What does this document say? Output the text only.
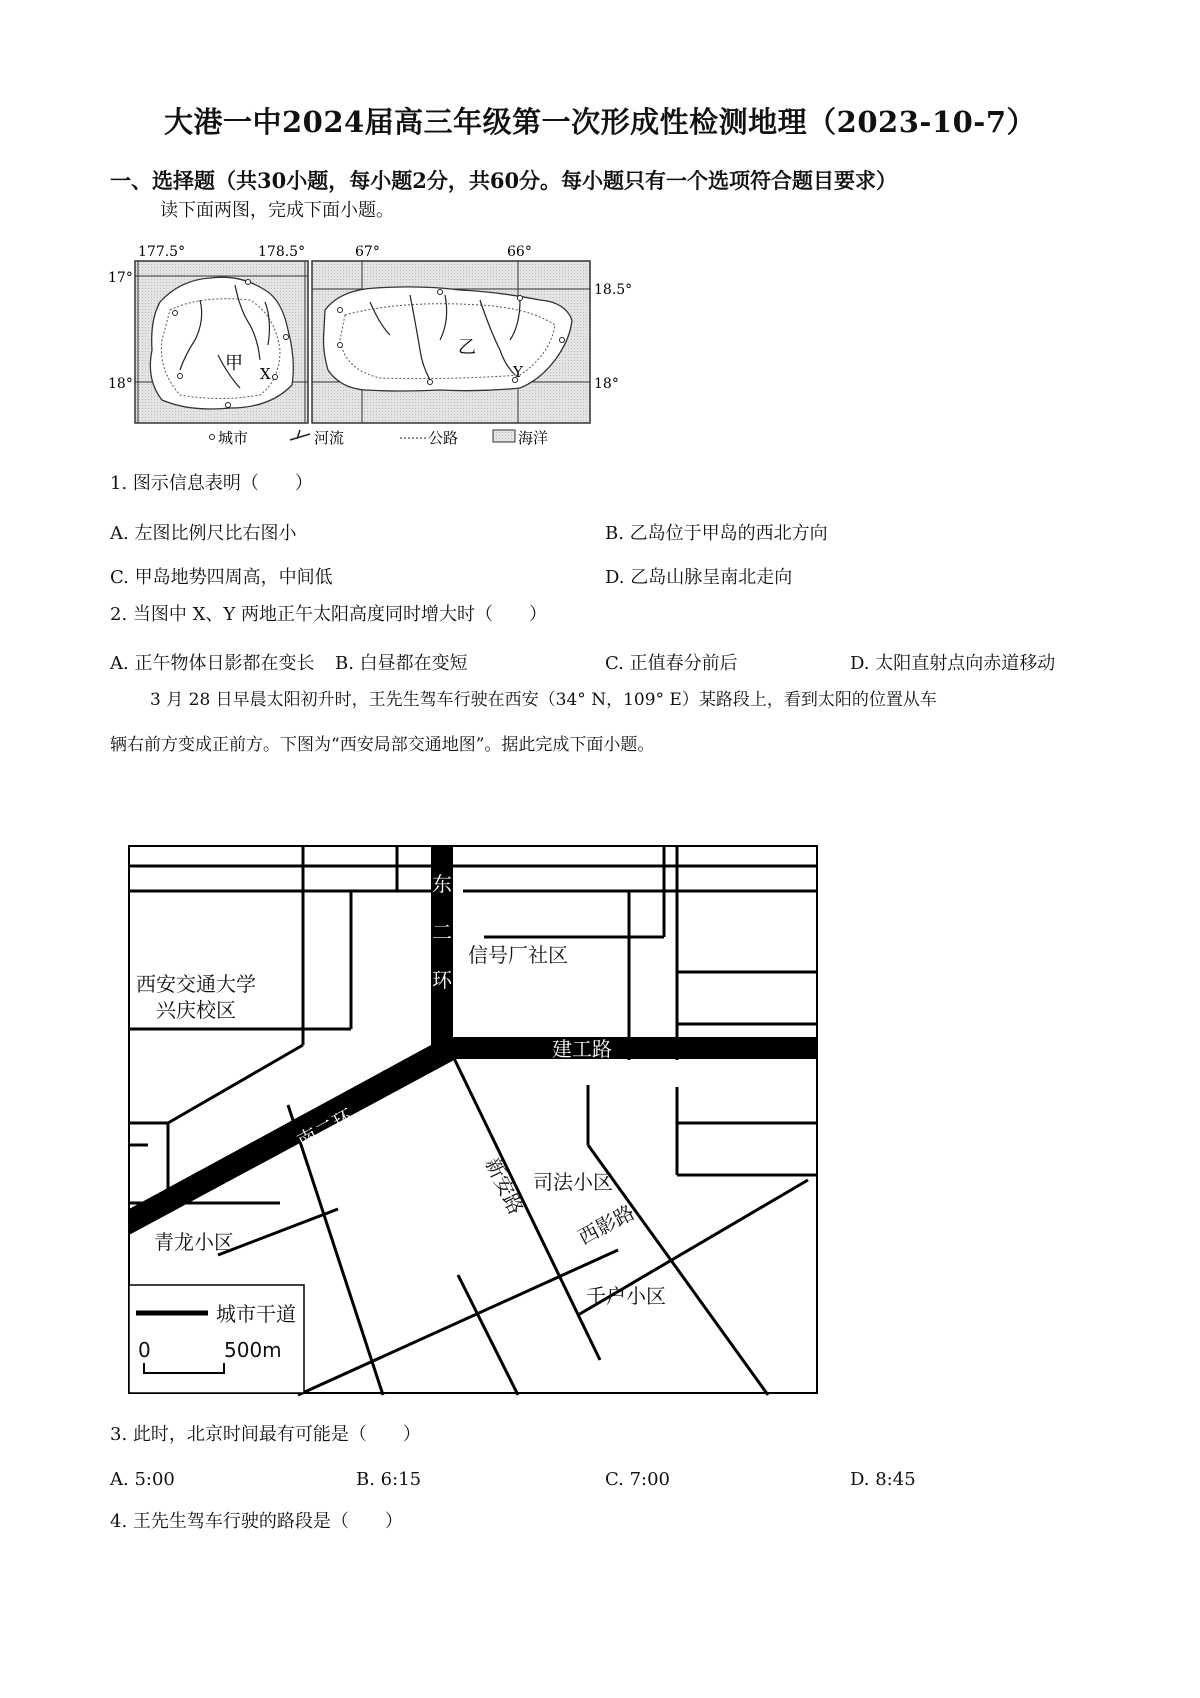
大港一中2024届高三年级第一次形成性检测地理（2023-10-7）
一、选择题（共30小题，每小题2分，共60分。每小题只有一个选项符合题目要求）
读下面两图，完成下面小题。
甲 X
177.5°	178.5°
17°
18°
乙
Y
67°	66°
18.5°
18°
城市	河流	公路	海洋
1. 图示信息表明（　　）
A. 左图比例尺比右图小	B. 乙岛位于甲岛的西北方向
C. 甲岛地势四周高，中间低	D. 乙岛山脉呈南北走向
2. 当图中 X、Y 两地正午太阳高度同时增大时（　　）
A. 正午物体日影都在变长 B. 白昼都在变短	C. 正值春分前后	D. 太阳直射点向赤道移动
3 月 28 日早晨太阳初升时，王先生驾车行驶在西安（34° N，109° E）某路段上，看到太阳的位置从车
辆右前方变成正前方。下图为“西安局部交通地图”。据此完成下面小题。
东
二
环
建工路
南二环
新安路
西影路
西安交通大学
兴庆校区
信号厂社区
司法小区
青龙小区
千户小区
城市干道
0	500m
3. 此时，北京时间最有可能是（　　）
A. 5:00	B. 6:15	C. 7:00	D. 8:45
4. 王先生驾车行驶的路段是（　　）
